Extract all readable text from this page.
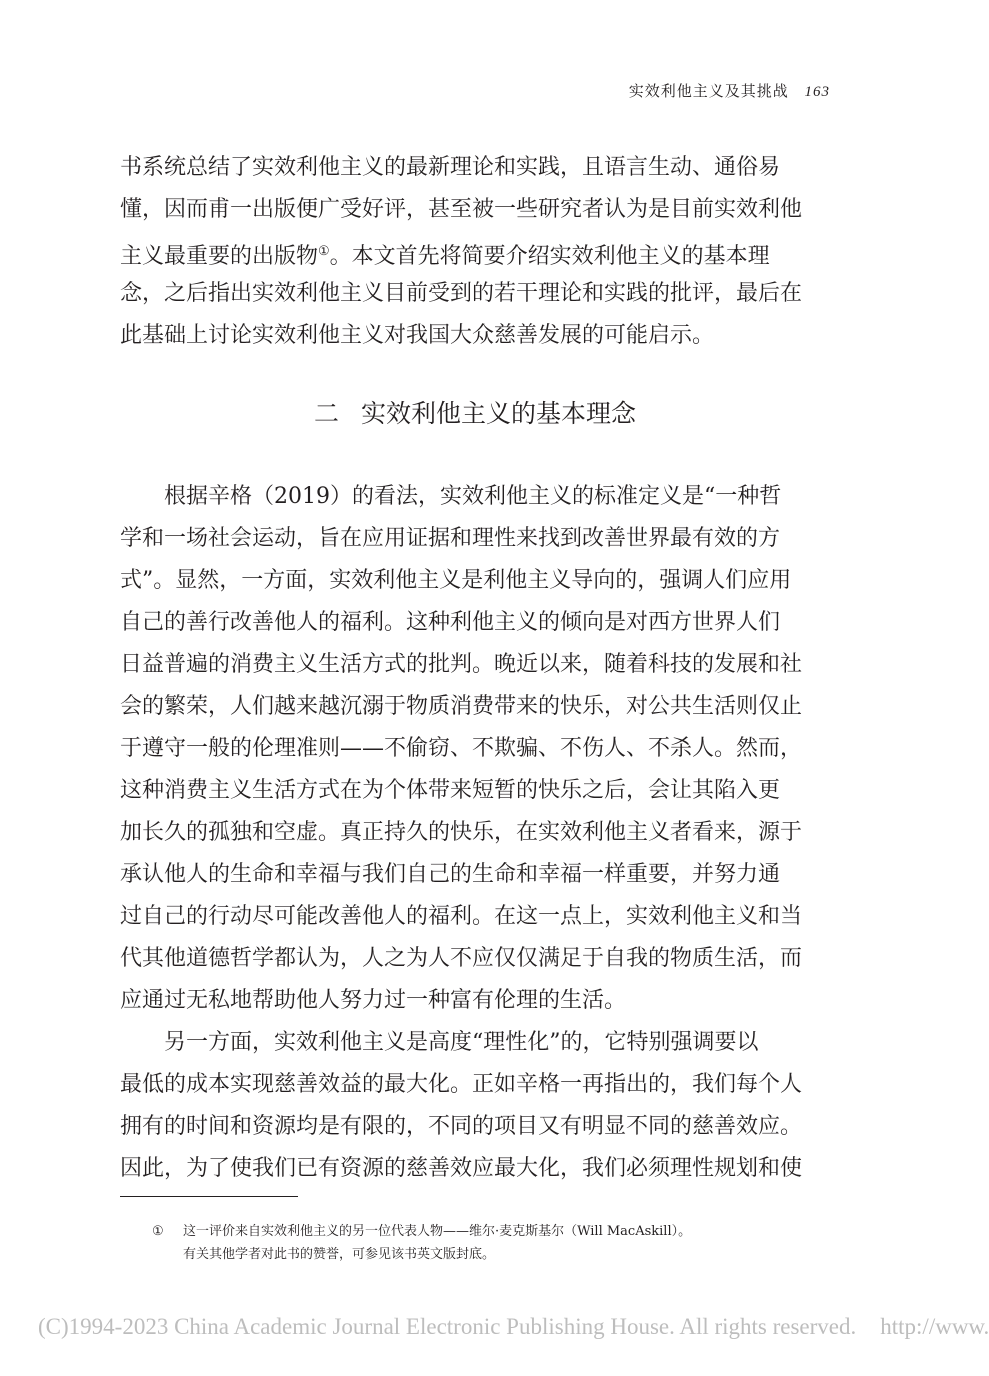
实效利他主义及其挑战 163
书系统总结了实效利他主义的最新理论和实践，且语言生动、通俗易
懂，因而甫一出版便广受好评，甚至被一些研究者认为是目前实效利他
主义最重要的出版物①。本文首先将简要介绍实效利他主义的基本理
念，之后指出实效利他主义目前受到的若干理论和实践的批评，最后在
此基础上讨论实效利他主义对我国大众慈善发展的可能启示。
二 实效利他主义的基本理念
根据辛格（2019）的看法，实效利他主义的标准定义是“一种哲
学和一场社会运动，旨在应用证据和理性来找到改善世界最有效的方
式”。显然，一方面，实效利他主义是利他主义导向的，强调人们应用
自己的善行改善他人的福利。这种利他主义的倾向是对西方世界人们
日益普遍的消费主义生活方式的批判。晚近以来，随着科技的发展和社
会的繁荣，人们越来越沉溺于物质消费带来的快乐，对公共生活则仅止
于遵守一般的伦理准则——不偷窃、不欺骗、不伤人、不杀人。然而，
这种消费主义生活方式在为个体带来短暂的快乐之后，会让其陷入更
加长久的孤独和空虚。真正持久的快乐，在实效利他主义者看来，源于
承认他人的生命和幸福与我们自己的生命和幸福一样重要，并努力通
过自己的行动尽可能改善他人的福利。在这一点上，实效利他主义和当
代其他道德哲学都认为，人之为人不应仅仅满足于自我的物质生活，而
应通过无私地帮助他人努力过一种富有伦理的生活。
另一方面，实效利他主义是高度“理性化”的，它特别强调要以
最低的成本实现慈善效益的最大化。正如辛格一再指出的，我们每个人
拥有的时间和资源均是有限的，不同的项目又有明显不同的慈善效应。
因此，为了使我们已有资源的慈善效应最大化，我们必须理性规划和使
① 这一评价来自实效利他主义的另一位代表人物——维尔·麦克斯基尔（Will MacAskill）。
有关其他学者对此书的赞誉，可参见该书英文版封底。
(C)1994-2023 China Academic Journal Electronic Publishing House. All rights reserved. http://www.
